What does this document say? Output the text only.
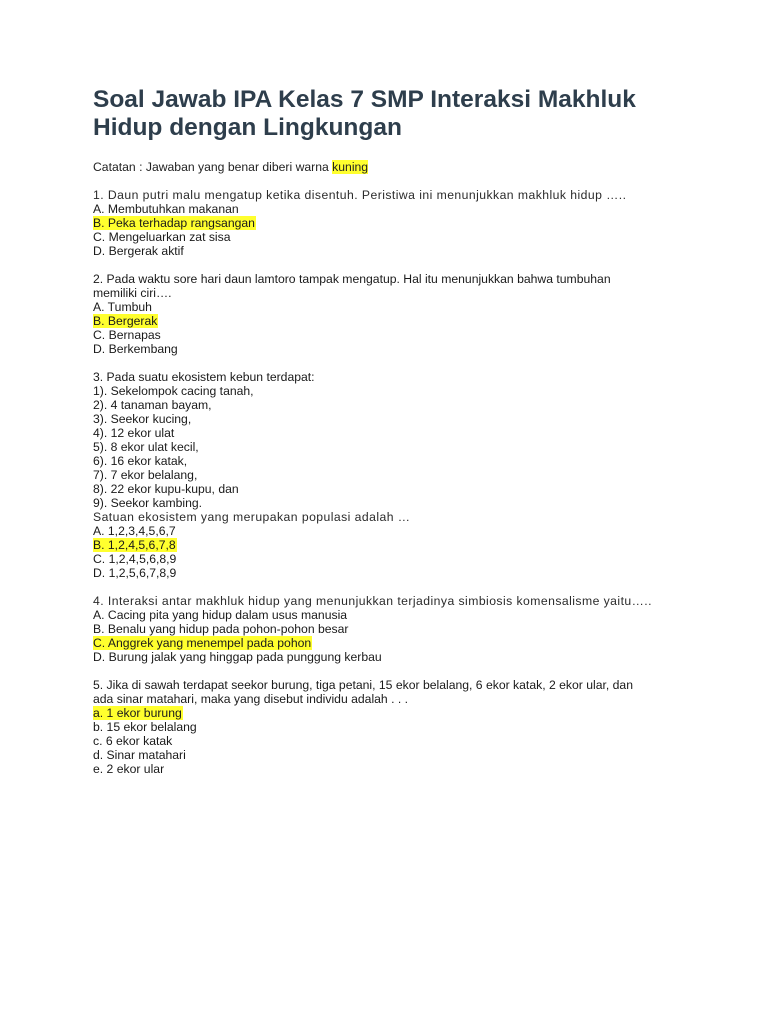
Soal Jawab IPA Kelas 7 SMP Interaksi Makhluk Hidup dengan Lingkungan
Catatan : Jawaban yang benar diberi warna kuning

1. Daun putri malu mengatup ketika disentuh. Peristiwa ini menunjukkan makhluk hidup …..

A. Membutuhkan makanan
B. Peka terhadap rangsangan
C. Mengeluarkan zat sisa
D. Bergerak aktif
2. Pada waktu sore hari daun lamtoro tampak mengatup. Hal itu menunjukkan bahwa tumbuhan
memiliki ciri….
A. Tumbuh
B. Bergerak
C. Bernapas
D. Berkembang
3. Pada suatu ekosistem kebun terdapat:
1). Sekelompok cacing tanah,
2). 4 tanaman bayam,
3). Seekor kucing,
4). 12 ekor ulat
5). 8 ekor ulat kecil,
6). 16 ekor katak,
7). 7 ekor belalang,
8). 22 ekor kupu-kupu, dan
9). Seekor kambing.
Satuan ekosistem yang merupakan populasi adalah …
A. 1,2,3,4,5,6,7
B. 1,2,4,5,6,7,8
C. 1,2,4,5,6,8,9
D. 1,2,5,6,7,8,9

4. Interaksi antar makhluk hidup yang menunjukkan terjadinya simbiosis komensalisme yaitu…..

A. Cacing pita yang hidup dalam usus manusia
B. Benalu yang hidup pada pohon-pohon besar
C. Anggrek yang menempel pada pohon
D. Burung jalak yang hinggap pada punggung kerbau
5. Jika di sawah terdapat seekor burung, tiga petani, 15 ekor belalang, 6 ekor katak, 2 ekor ular, dan
ada sinar matahari, maka yang disebut individu adalah . . .
a. 1 ekor burung
b. 15 ekor belalang
c. 6 ekor katak
d. Sinar matahari
e. 2 ekor ular
